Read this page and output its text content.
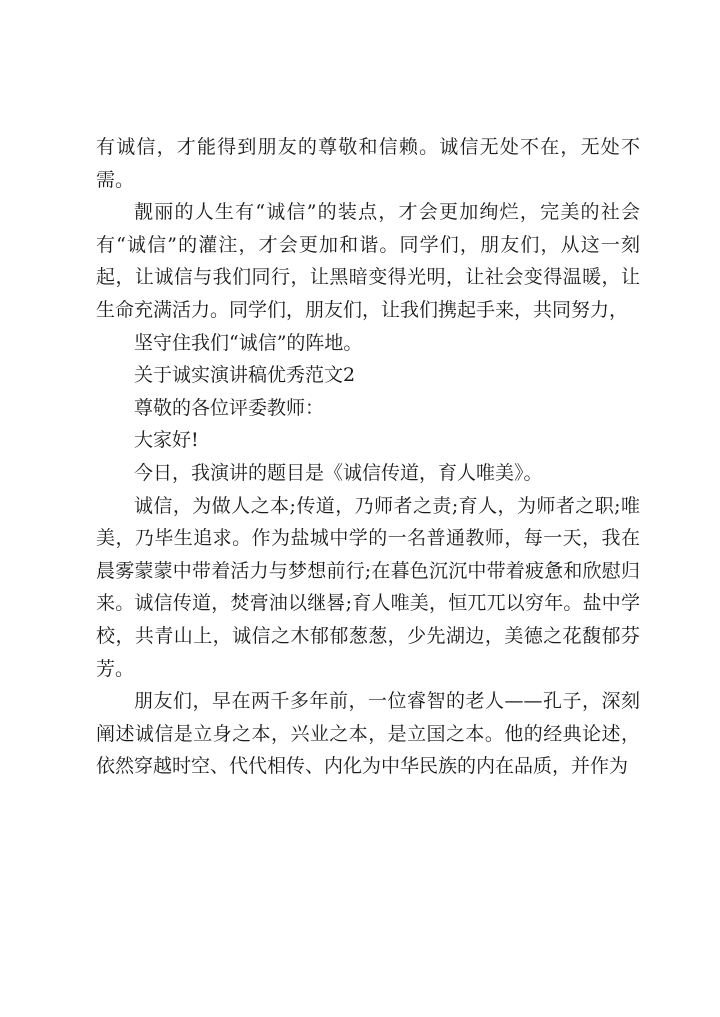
有诚信，才能得到朋友的尊敬和信赖。诚信无处不在，无处不需。

靓丽的人生有“诚信”的装点，才会更加绚烂，完美的社会有“诚信”的灌注，才会更加和谐。同学们，朋友们，从这一刻起，让诚信与我们同行，让黑暗变得光明，让社会变得温暖，让生命充满活力。同学们，朋友们，让我们携起手来，共同努力，

坚守住我们“诚信”的阵地。

关于诚实演讲稿优秀范文2

尊敬的各位评委教师：

大家好!

今日，我演讲的题目是《诚信传道，育人唯美》。

诚信，为做人之本;传道，乃师者之责;育人，为师者之职;唯美，乃毕生追求。作为盐城中学的一名普通教师，每一天，我在晨雾蒙蒙中带着活力与梦想前行;在暮色沉沉中带着疲惫和欣慰归来。诚信传道，焚膏油以继晷;育人唯美，恒兀兀以穷年。盐中学校，共青山上，诚信之木郁郁葱葱，少先湖边，美德之花馥郁芬芳。

朋友们，早在两千多年前，一位睿智的老人——孔子，深刻阐述诚信是立身之本，兴业之本，是立国之本。他的经典论述，依然穿越时空、代代相传、内化为中华民族的内在品质，并作为
